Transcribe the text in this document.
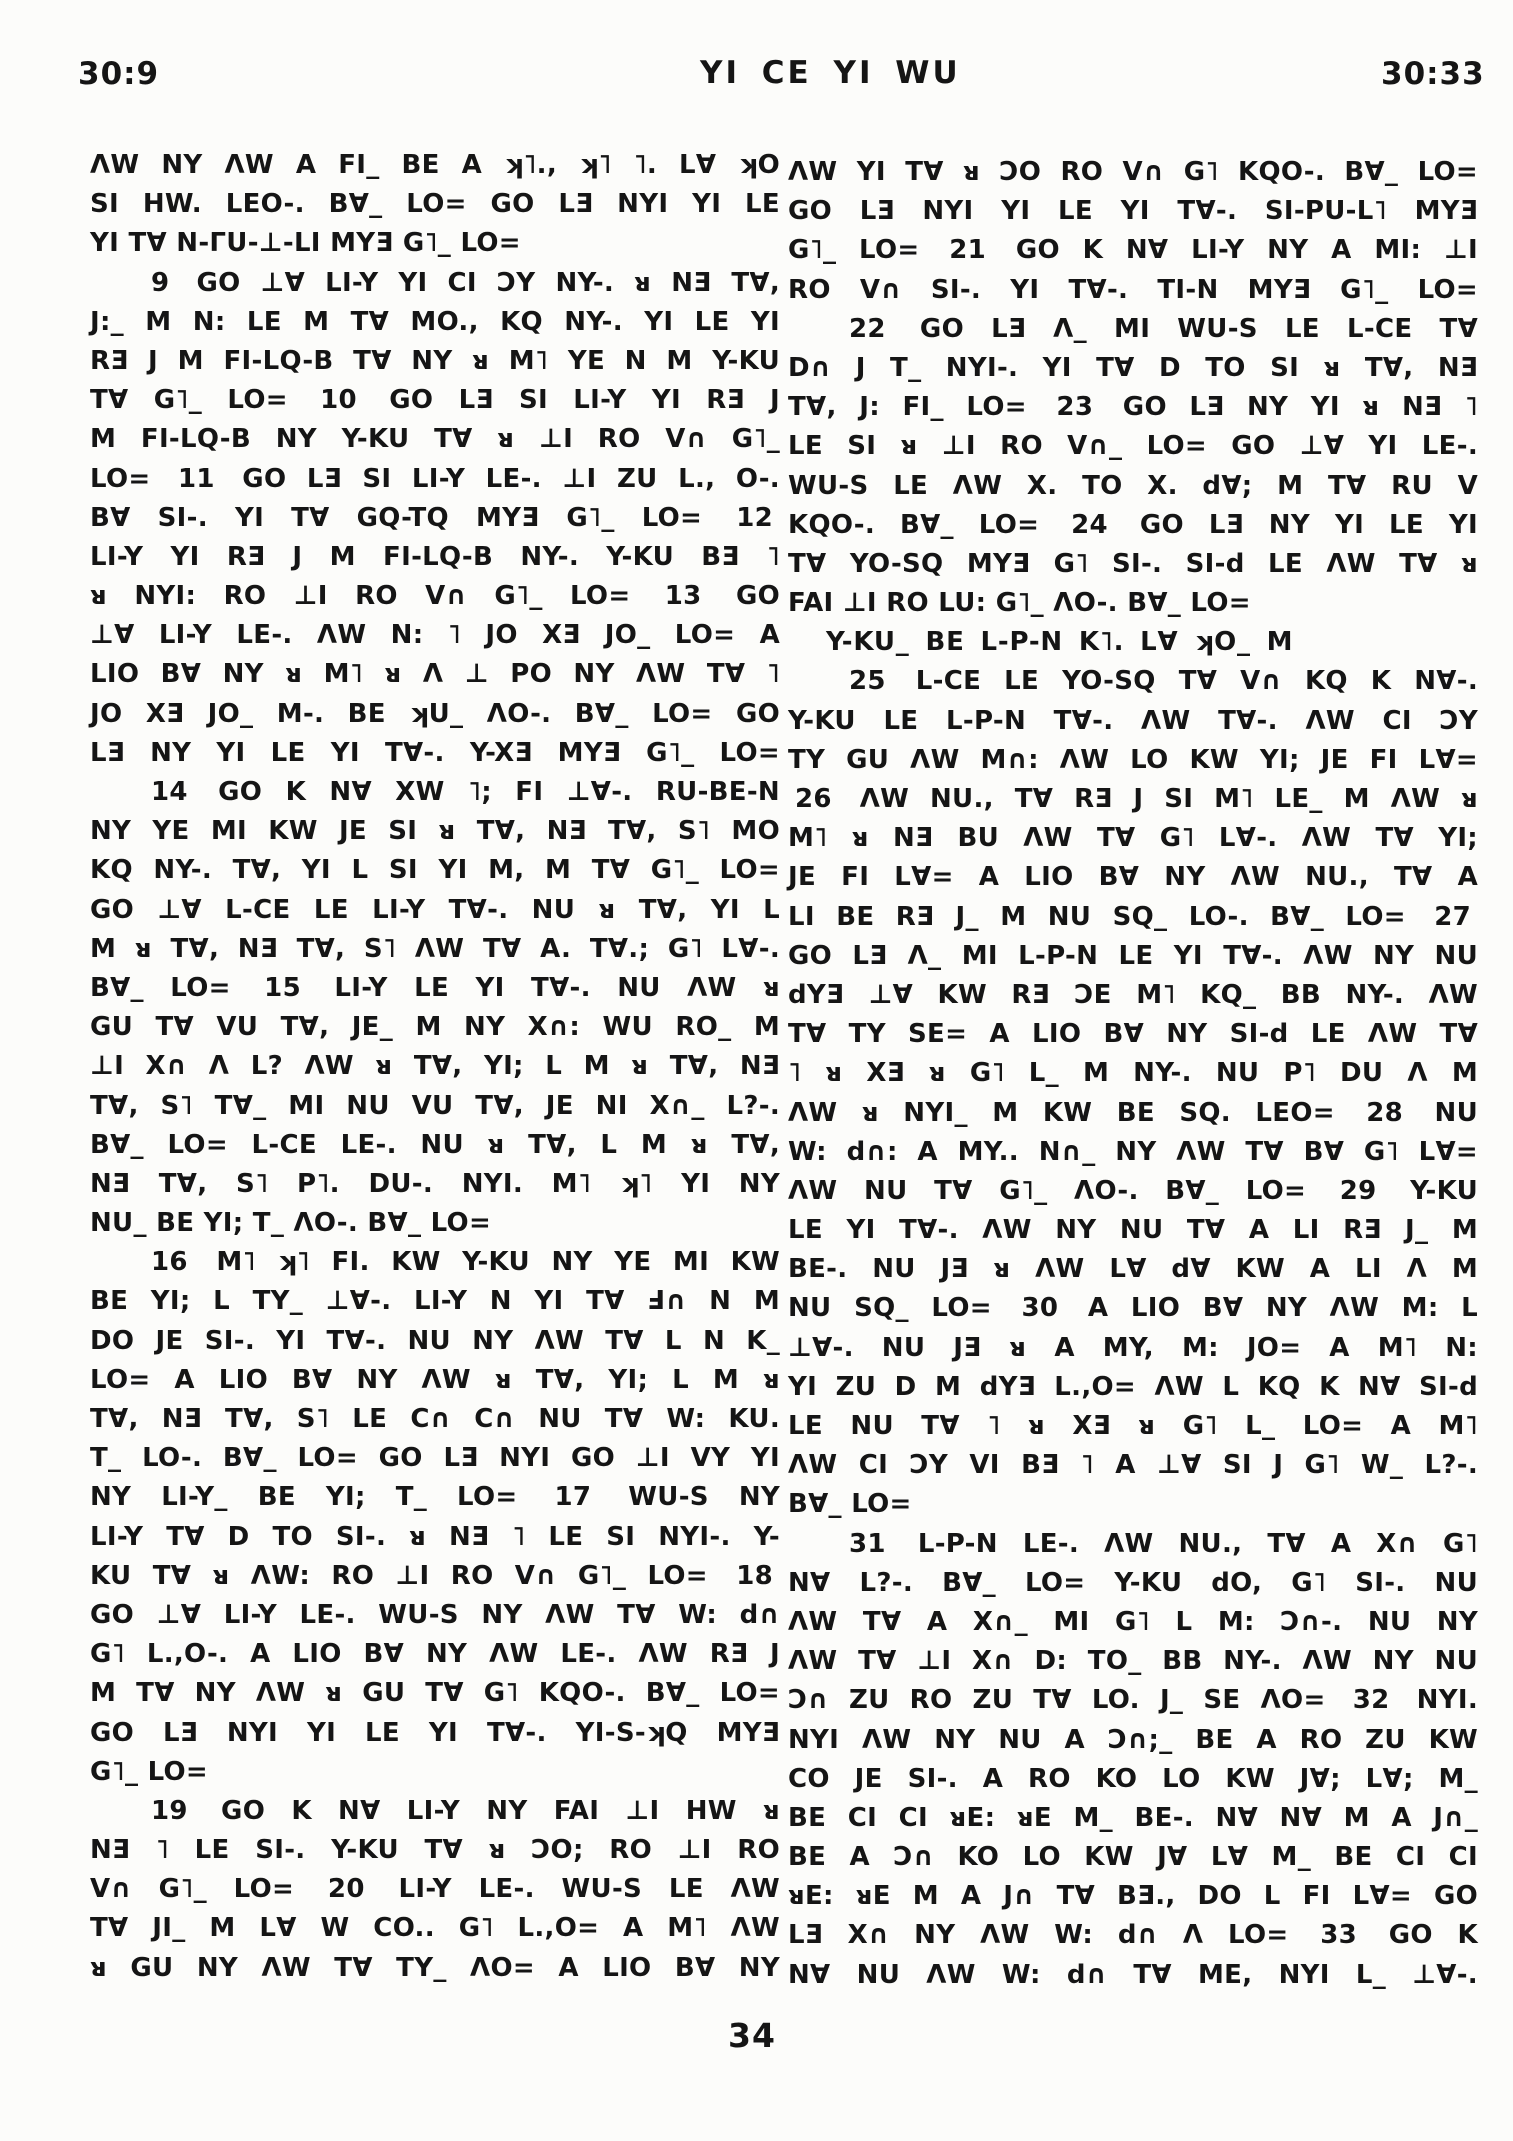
30:9	YI CE YI WU	30:33
ΛW NY ΛW A FI_ BE A ʞ˥., ʞ˥ ˥. L∀ ʞO
SI HW. LEO-. B∀_ LO= GO LƎ NYI YI LE
YI T∀ N-ΓU-⊥-LI MYƎ G˥_ LO=
9 GO ⊥∀ LI-Y YI CI ƆY NY-. ᴚ NƎ T∀,
J:_ M N: LE M T∀ MO., KQ NY-. YI LE YI
RƎ J M FI-LQ-B T∀ NY ᴚ M˥ YE N M Y-KU
T∀ G˥_ LO= 10 GO LƎ SI LI-Y YI RƎ J
M FI-LQ-B NY Y-KU T∀ ᴚ ⊥I RO V∩ G˥_
LO= 11 GO LƎ SI LI-Y LE-. ⊥I ZU L., O-.
B∀ SI-. YI T∀ GQ-TQ MYƎ G˥_ LO= 12
LI-Y YI RƎ J M FI-LQ-B NY-. Y-KU BƎ ˥
ᴚ NYI: RO ⊥I RO V∩ G˥_ LO= 13 GO
⊥∀ LI-Y LE-. ΛW N: ˥ JO XƎ JO_ LO= A
LIO B∀ NY ᴚ M˥ ᴚ Λ ⊥ PO NY ΛW T∀ ˥
JO XƎ JO_ M-. BE ʞU_ ΛO-. B∀_ LO= GO
LƎ NY YI LE YI T∀-. Y-XƎ MYƎ G˥_ LO=
14 GO K N∀ XW ˥; FI ⊥∀-. RU-BE-N
NY YE MI KW JE SI ᴚ T∀, NƎ T∀, S˥ MO
KQ NY-. T∀, YI L SI YI M, M T∀ G˥_ LO=
GO ⊥∀ L-CE LE LI-Y T∀-. NU ᴚ T∀, YI L
M ᴚ T∀, NƎ T∀, S˥ ΛW T∀ A. T∀.; G˥ L∀-.
B∀_ LO= 15 LI-Y LE YI T∀-. NU ΛW ᴚ
GU T∀ VU T∀, JE_ M NY X∩: WU RO_ M
⊥I X∩ Λ L? ΛW ᴚ T∀, YI; L M ᴚ T∀, NƎ
T∀, S˥ T∀_ MI NU VU T∀, JE NI X∩_ L?-.
B∀_ LO= L-CE LE-. NU ᴚ T∀, L M ᴚ T∀,
NƎ T∀, S˥ P˥. DU-. NYI. M˥ ʞ˥ YI NY
NU_ BE YI; T_ ΛO-. B∀_ LO=
16 M˥ ʞ˥ FI. KW Y-KU NY YE MI KW
BE YI; L TY_ ⊥∀-. LI-Y N YI T∀ Ⅎ∩ N M
DO JE SI-. YI T∀-. NU NY ΛW T∀ L N K_
LO= A LIO B∀ NY ΛW ᴚ T∀, YI; L M ᴚ
T∀, NƎ T∀, S˥ LE C∩ C∩ NU T∀ W: KU.
T_ LO-. B∀_ LO= GO LƎ NYI GO ⊥I VY YI
NY LI-Y_ BE YI; T_ LO= 17 WU-S NY
LI-Y T∀ D TO SI-. ᴚ NƎ ˥ LE SI NYI-. Y-
KU T∀ ᴚ ΛW: RO ⊥I RO V∩ G˥_ LO= 18
GO ⊥∀ LI-Y LE-. WU-S NY ΛW T∀ W: d∩
G˥ L.,O-. A LIO B∀ NY ΛW LE-. ΛW RƎ J
M T∀ NY ΛW ᴚ GU T∀ G˥ KQO-. B∀_ LO=
GO LƎ NYI YI LE YI T∀-. YI-S-ʞQ MYƎ
G˥_ LO=
19 GO K N∀ LI-Y NY FAI ⊥I HW ᴚ
NƎ ˥ LE SI-. Y-KU T∀ ᴚ ƆO; RO ⊥I RO
V∩ G˥_ LO= 20 LI-Y LE-. WU-S LE ΛW
T∀ JI_ M L∀ W CO.. G˥ L.,O= A M˥ ΛW
ᴚ GU NY ΛW T∀ TY_ ΛO= A LIO B∀ NY
ΛW YI T∀ ᴚ ƆO RO V∩ G˥ KQO-. B∀_ LO=
GO LƎ NYI YI LE YI T∀-. SI-PU-L˥ MYƎ
G˥_ LO= 21 GO K N∀ LI-Y NY A MI: ⊥I
RO V∩ SI-. YI T∀-. TI-N MYƎ G˥_ LO=
22 GO LƎ Λ_ MI WU-S LE L-CE T∀
D∩ J T_ NYI-. YI T∀ D TO SI ᴚ T∀, NƎ
T∀, J: FI_ LO= 23 GO LƎ NY YI ᴚ NƎ ˥
LE SI ᴚ ⊥I RO V∩_ LO= GO ⊥∀ YI LE-.
WU-S LE ΛW X. TO X. d∀; M T∀ RU V
KQO-. B∀_ LO= 24 GO LƎ NY YI LE YI
T∀ YO-SQ MYƎ G˥ SI-. SI-d LE ΛW T∀ ᴚ
FAI ⊥I RO LU: G˥_ ΛO-. B∀_ LO=
Y-KU_ BE L-P-N K˥. L∀ ʞO_ M
25 L-CE LE YO-SQ T∀ V∩ KQ K N∀-.
Y-KU LE L-P-N T∀-. ΛW T∀-. ΛW CI ƆY
TY GU ΛW M∩: ΛW LO KW YI; JE FI L∀=
26 ΛW NU., T∀ RƎ J SI M˥ LE_ M ΛW ᴚ
M˥ ᴚ NƎ BU ΛW T∀ G˥ L∀-. ΛW T∀ YI;
JE FI L∀= A LIO B∀ NY ΛW NU., T∀ A
LI BE RƎ J_ M NU SQ_ LO-. B∀_ LO= 27
GO LƎ Λ_ MI L-P-N LE YI T∀-. ΛW NY NU
dYƎ ⊥∀ KW RƎ ƆE M˥ KQ_ BB NY-. ΛW
T∀ TY SE= A LIO B∀ NY SI-d LE ΛW T∀
˥ ᴚ XƎ ᴚ G˥ L_ M NY-. NU P˥ DU Λ M
ΛW ᴚ NYI_ M KW BE SQ. LEO= 28 NU
W: d∩: A MY.. N∩_ NY ΛW T∀ B∀ G˥ L∀=
ΛW NU T∀ G˥_ ΛO-. B∀_ LO= 29 Y-KU
LE YI T∀-. ΛW NY NU T∀ A LI RƎ J_ M
BE-. NU JƎ ᴚ ΛW L∀ d∀ KW A LI Λ M
NU SQ_ LO= 30 A LIO B∀ NY ΛW M: L
⊥∀-. NU JƎ ᴚ A MY, M: JO= A M˥ N:
YI ZU D M dYƎ L.,O= ΛW L KQ K N∀ SI-d
LE NU T∀ ˥ ᴚ XƎ ᴚ G˥ L_ LO= A M˥
ΛW CI ƆY VI BƎ ˥ A ⊥∀ SI J G˥ W_ L?-.
B∀_ LO=
31 L-P-N LE-. ΛW NU., T∀ A X∩ G˥
N∀ L?-. B∀_ LO= Y-KU dO, G˥ SI-. NU
ΛW T∀ A X∩_ MI G˥ L M: Ɔ∩-. NU NY
ΛW T∀ ⊥I X∩ D: TO_ BB NY-. ΛW NY NU
Ɔ∩ ZU RO ZU T∀ LO. J_ SE ΛO= 32 NYI.
NYI ΛW NY NU A Ɔ∩;_ BE A RO ZU KW
CO JE SI-. A RO KO LO KW J∀; L∀; M_
BE CI CI ᴚE: ᴚE M_ BE-. N∀ N∀ M A J∩_
BE A Ɔ∩ KO LO KW J∀ L∀ M_ BE CI CI
ᴚE: ᴚE M A J∩ T∀ BƎ., DO L FI L∀= GO
LƎ X∩ NY ΛW W: d∩ Λ LO= 33 GO K
N∀ NU ΛW W: d∩ T∀ ME, NYI L_ ⊥∀-.
34
